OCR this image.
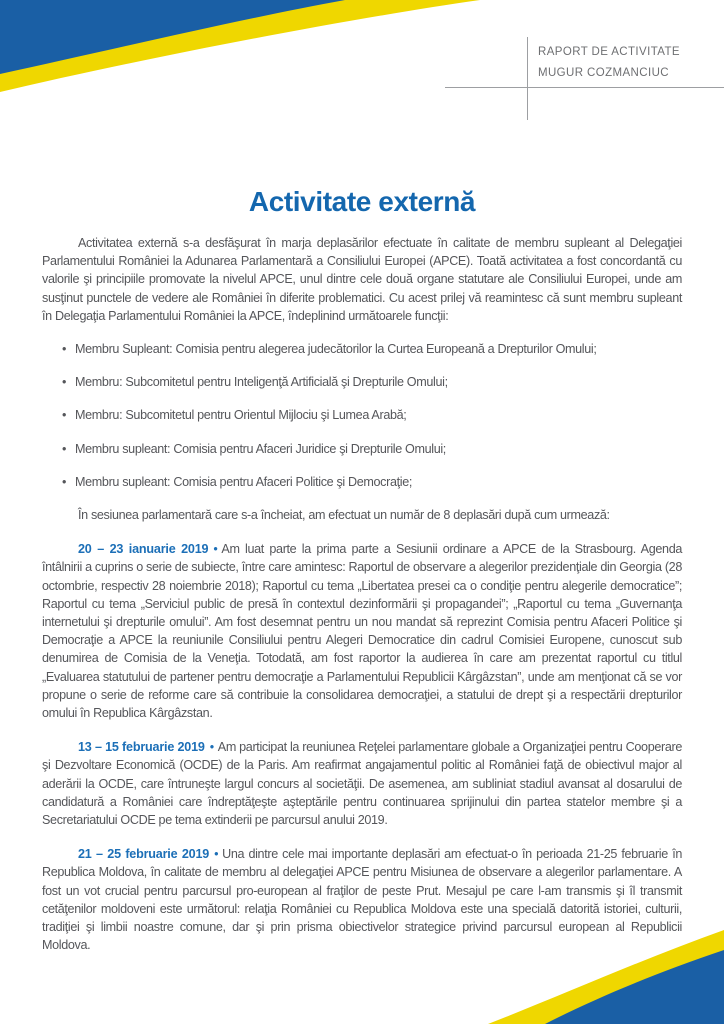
RAPORT DE ACTIVITATE
MUGUR COZMANCIUC
Activitate externă

Activitatea externă s-a desfăşurat în marja deplasărilor efectuate în calitate de membru supleant al Delegaţiei Parlamentului României la Adunarea Parlamentară a Consiliului Europei (APCE). Toată activitatea a fost concordantă cu valorile şi principiile promovate la nivelul APCE, unul dintre cele două organe statutare ale Consiliului Europei, unde am susţinut punctele de vedere ale României în diferite problematici. Cu acest prilej vă reamintesc că sunt membru supleant în Delegaţia Parlamentului României la APCE, îndeplinind următoarele funcţii:

• Membru Supleant: Comisia pentru alegerea judecătorilor la Curtea Europeană a Drepturilor Omului;
• Membru: Subcomitetul pentru Inteligenţă Artificială şi Drepturile Omului;
• Membru: Subcomitetul pentru Orientul Mijlociu şi Lumea Arabă;
• Membru supleant: Comisia pentru Afaceri Juridice şi Drepturile Omului;
• Membru supleant: Comisia pentru Afaceri Politice şi Democraţie;

În sesiunea parlamentară care s-a încheiat, am efectuat un număr de 8 deplasări după cum urmează:

20 – 23 ianuarie 2019 • Am luat parte la prima parte a Sesiunii ordinare a APCE de la Strasbourg. Agenda întâlnirii a cuprins o serie de subiecte, între care amintesc: Raportul de observare a alegerilor prezidenţiale din Georgia (28 octombrie, respectiv 28 noiembrie 2018); Raportul cu tema „Libertatea presei ca o condiţie pentru alegerile democratice”; Raportul cu tema „Serviciul public de presă în contextul dezinformării şi propagandei”; „Raportul cu tema „Guvernanţa internetului şi drepturile omului”. Am fost desemnat pentru un nou mandat să reprezint Comisia pentru Afaceri Politice şi Democraţie a APCE la reuniunile Consiliului pentru Alegeri Democratice din cadrul Comisiei Europene, cunoscut sub denumirea de Comisia de la Veneţia. Totodată, am fost raportor la audierea în care am prezentat raportul cu titlul „Evaluarea statutului de partener pentru democraţie a Parlamentului Republicii Kârgâzstan”, unde am menţionat că se vor propune o serie de reforme care să contribuie la consolidarea democraţiei, a statului de drept şi a respectării drepturilor omului în Republica Kârgâzstan.

13 – 15 februarie 2019 • Am participat la reuniunea Reţelei parlamentare globale a Organizaţiei pentru Cooperare şi Dezvoltare Economică (OCDE) de la Paris. Am reafirmat angajamentul politic al României faţă de obiectivul major al aderării la OCDE, care întruneşte largul concurs al societăţii. De asemenea, am subliniat stadiul avansat al dosarului de candidatură a României care îndreptăţeşte aşteptările pentru continuarea sprijinului din partea statelor membre şi a Secretariatului OCDE pe tema extinderii pe parcursul anului 2019.

21 – 25 februarie 2019 • Una dintre cele mai importante deplasări am efectuat-o în perioada 21-25 februarie în Republica Moldova, în calitate de membru al delegaţiei APCE pentru Misiunea de observare a alegerilor parlamentare. A fost un vot crucial pentru parcursul pro-european al fraţilor de peste Prut. Mesajul pe care l-am transmis şi îl transmit cetăţenilor moldoveni este următorul: relaţia României cu Republica Moldova este una specială datorită istoriei, culturii, tradiţiei şi limbii noastre comune, dar şi prin prisma obiectivelor strategice privind parcursul european al Republicii Moldova.
